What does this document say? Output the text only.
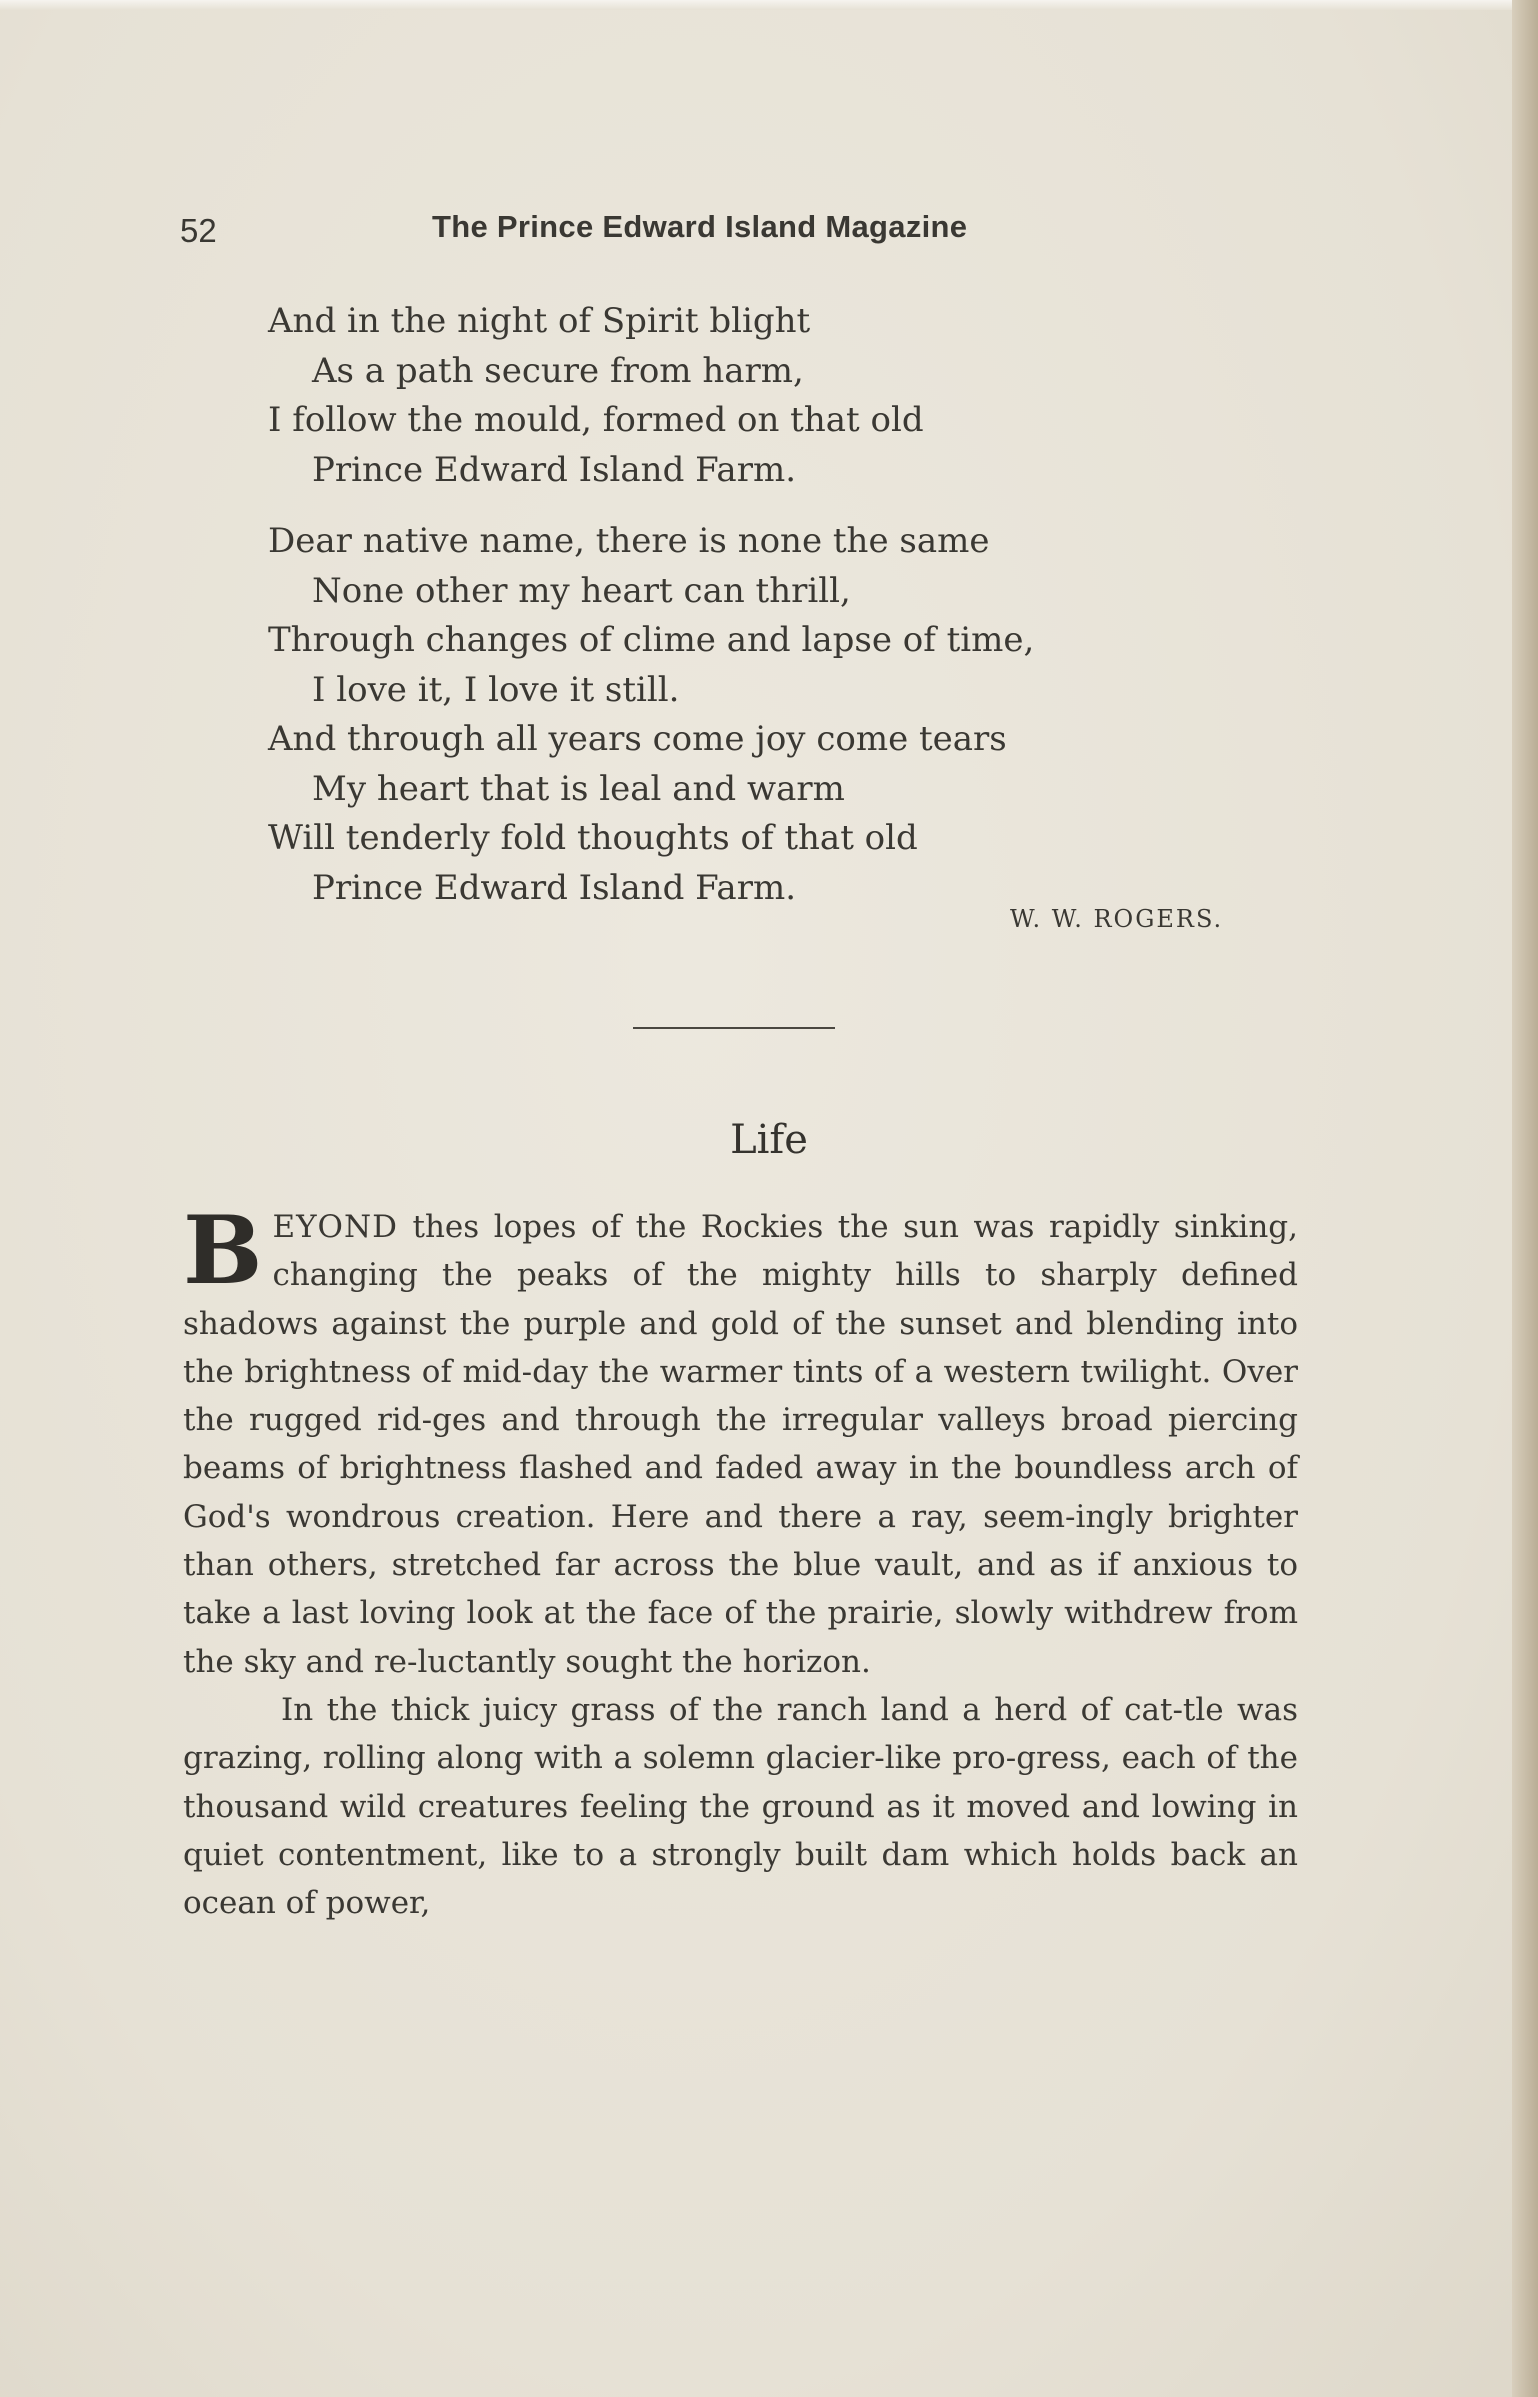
52	The Prince Edward Island Magazine
And in the night of Spirit blight
As a path secure from harm,
I follow the mould, formed on that old
Prince Edward Island Farm.
Dear native name, there is none the same
None other my heart can thrill,
Through changes of clime and lapse of time,
I love it, I love it still.
And through all years come joy come tears
My heart that is leal and warm
Will tenderly fold thoughts of that old
Prince Edward Island Farm.
W. W. ROGERS.
Life

BEYOND thes lopes of the Rockies the sun was rapidly sinking, changing the peaks of the mighty hills to sharply defined shadows against the purple and gold of the sunset and blending into the brightness of mid-day the warmer tints of a western twilight. Over the rugged rid-ges and through the irregular valleys broad piercing beams of brightness flashed and faded away in the boundless arch of God's wondrous creation. Here and there a ray, seem-ingly brighter than others, stretched far across the blue vault, and as if anxious to take a last loving look at the face of the prairie, slowly withdrew from the sky and re-luctantly sought the horizon.

In the thick juicy grass of the ranch land a herd of cat-tle was grazing, rolling along with a solemn glacier-like pro-gress, each of the thousand wild creatures feeling the ground as it moved and lowing in quiet contentment, like to a strongly built dam which holds back an ocean of power,
